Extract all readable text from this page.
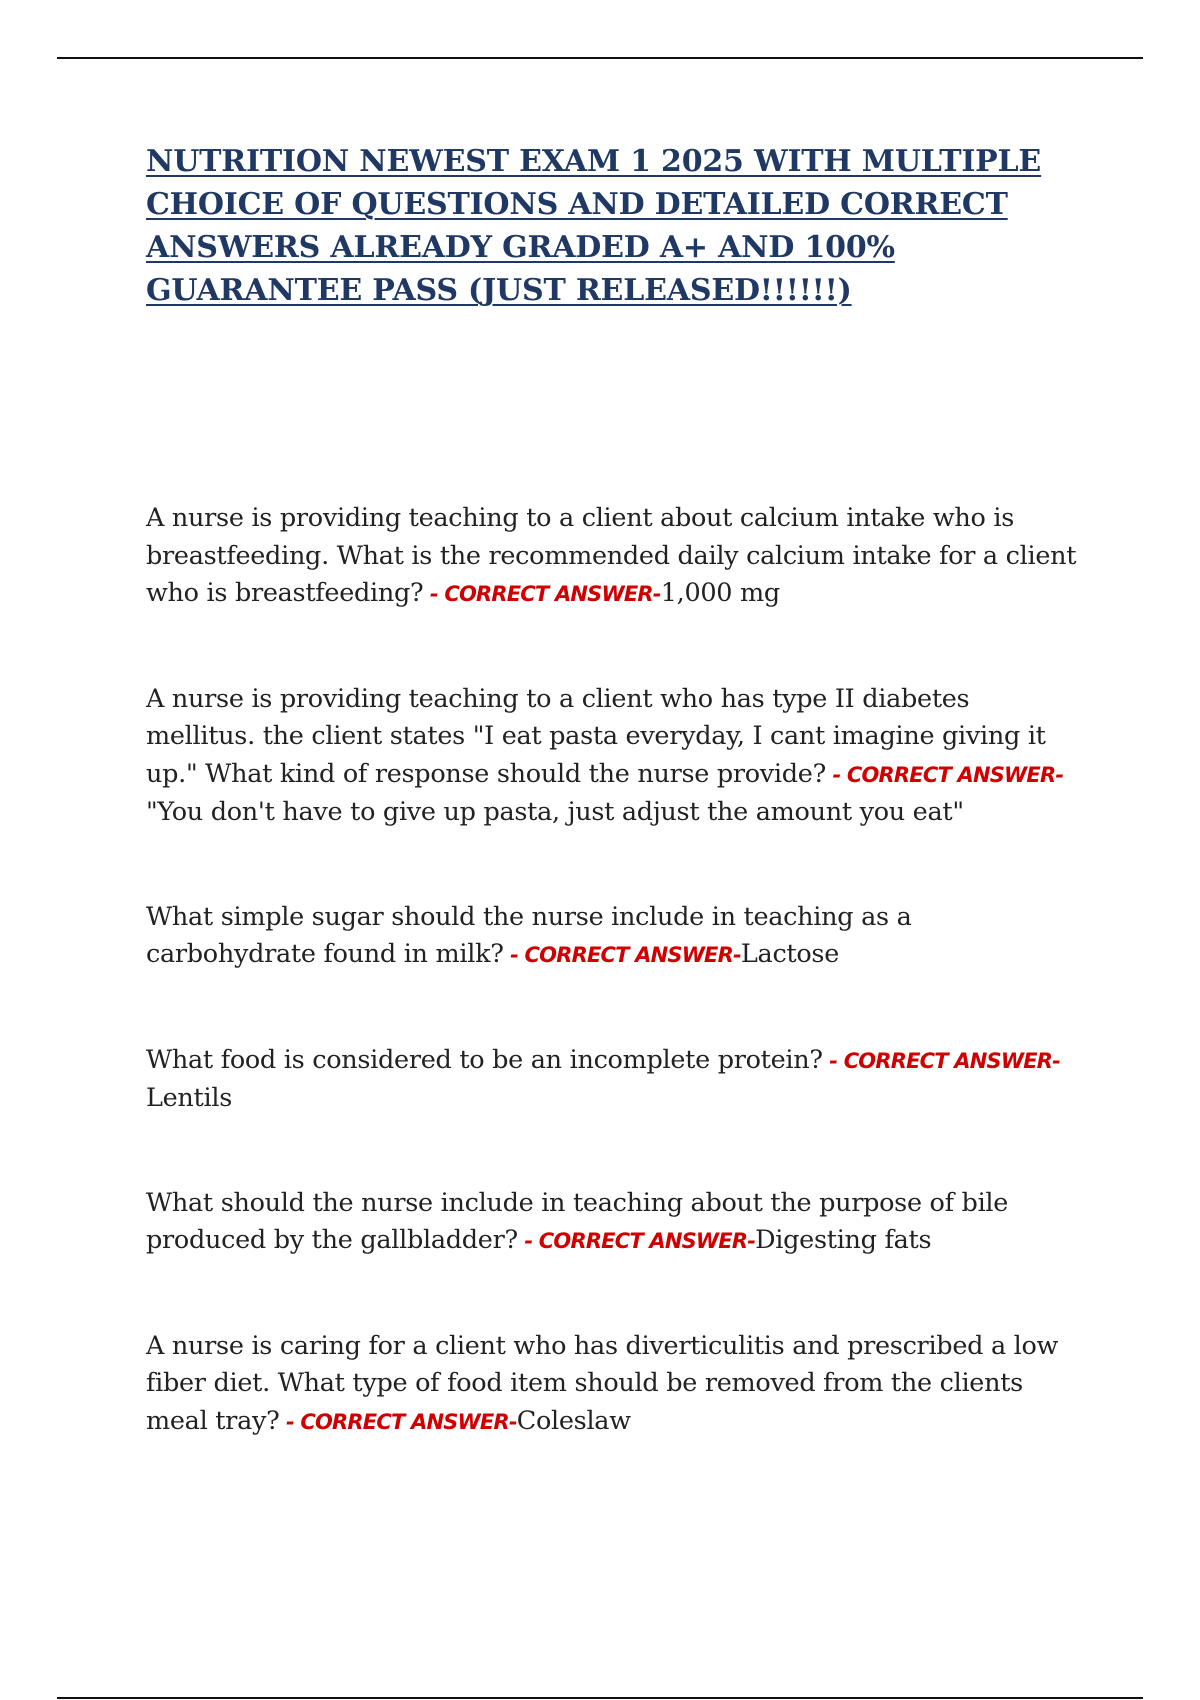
NUTRITION NEWEST EXAM 1 2025 WITH MULTIPLE CHOICE OF QUESTIONS AND DETAILED CORRECT ANSWERS ALREADY GRADED A+ AND 100% GUARANTEE PASS (JUST RELEASED!!!!!!)

A nurse is providing teaching to a client about calcium intake who is breastfeeding. What is the recommended daily calcium intake for a client who is breastfeeding? - CORRECT ANSWER-1,000 mg

A nurse is providing teaching to a client who has type II diabetes mellitus. the client states "I eat pasta everyday, I cant imagine giving it up." What kind of response should the nurse provide? - CORRECT ANSWER-"You don't have to give up pasta, just adjust the amount you eat"

What simple sugar should the nurse include in teaching as a carbohydrate found in milk? - CORRECT ANSWER-Lactose

What food is considered to be an incomplete protein? - CORRECT ANSWER-Lentils

What should the nurse include in teaching about the purpose of bile produced by the gallbladder? - CORRECT ANSWER-Digesting fats

A nurse is caring for a client who has diverticulitis and prescribed a low fiber diet. What type of food item should be removed from the clients meal tray? - CORRECT ANSWER-Coleslaw
